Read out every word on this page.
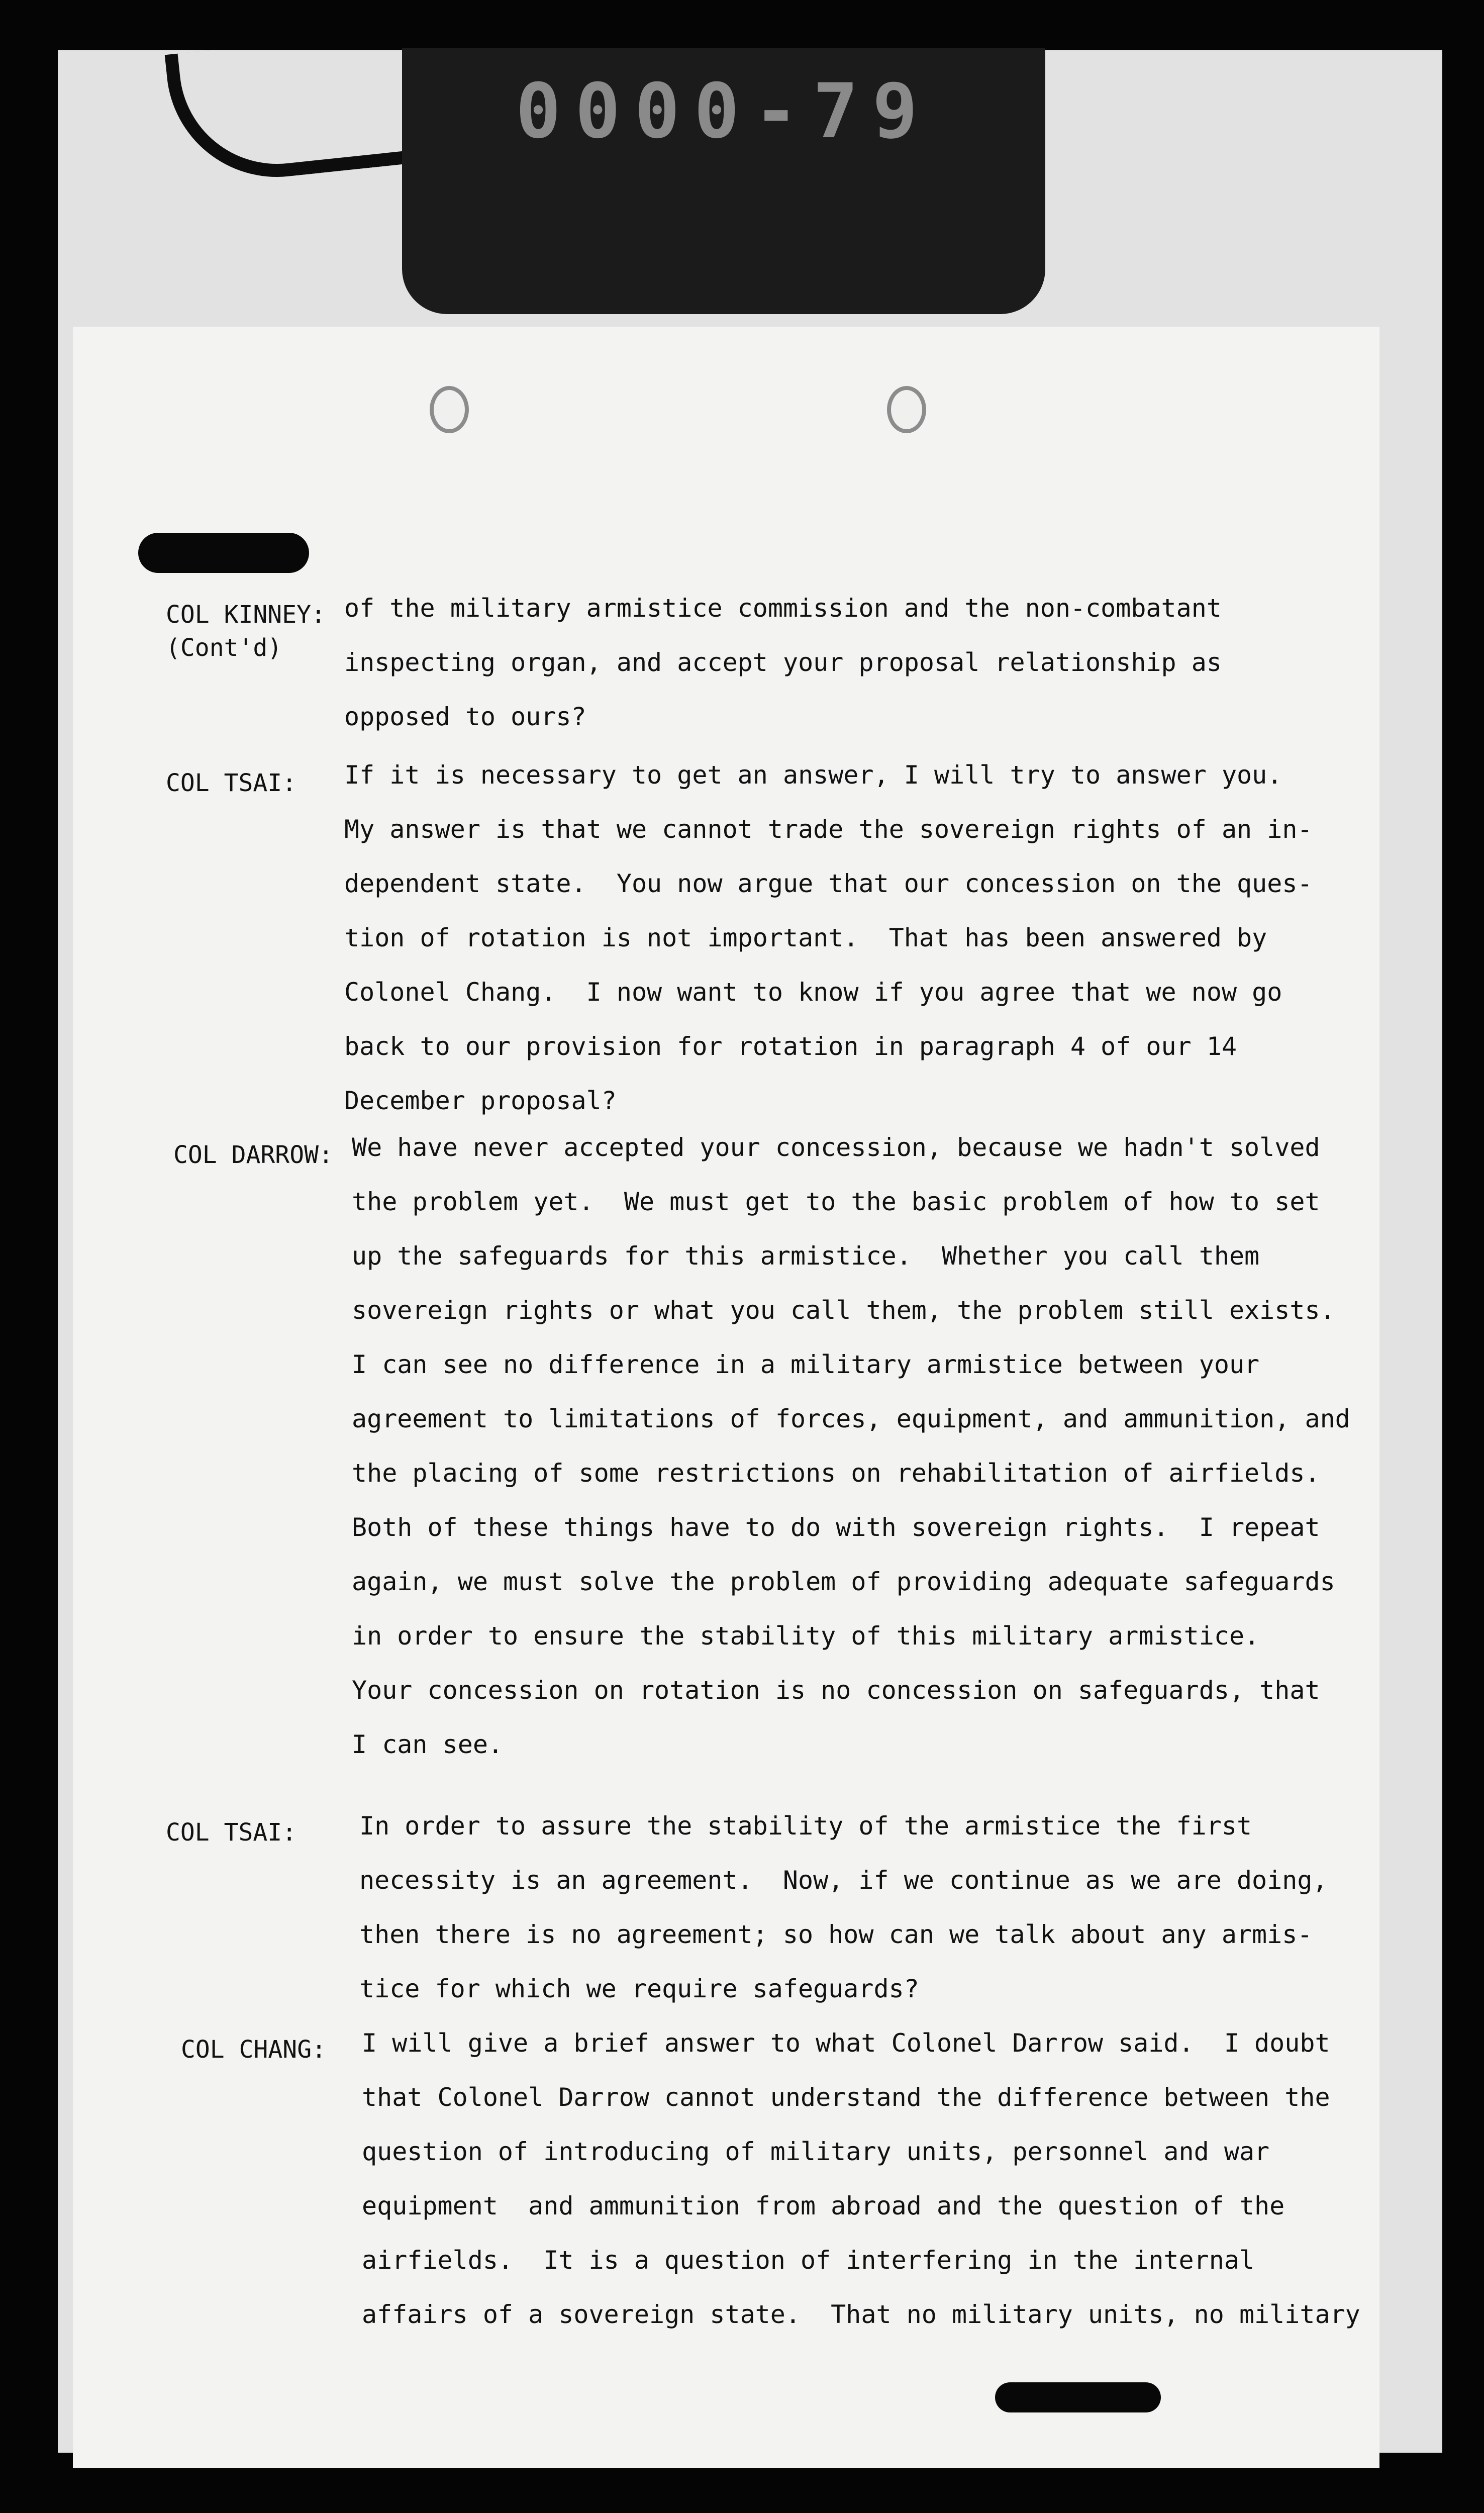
0000-79
COL KINNEY:
(Cont'd)
of the military armistice commission and the non-combatant
inspecting organ, and accept your proposal relationship as
opposed to ours?
COL TSAI: If it is necessary to get an answer, I will try to answer you.
My answer is that we cannot trade the sovereign rights of an in-
dependent state.  You now argue that our concession on the ques-
tion of rotation is not important.  That has been answered by
Colonel Chang.  I now want to know if you agree that we now go
back to our provision for rotation in paragraph 4 of our 14
December proposal?
COL DARROW: We have never accepted your concession, because we hadn't solved
the problem yet.  We must get to the basic problem of how to set
up the safeguards for this armistice.  Whether you call them
sovereign rights or what you call them, the problem still exists.
I can see no difference in a military armistice between your
agreement to limitations of forces, equipment, and ammunition, and
the placing of some restrictions on rehabilitation of airfields.
Both of these things have to do with sovereign rights.  I repeat
again, we must solve the problem of providing adequate safeguards
in order to ensure the stability of this military armistice.
Your concession on rotation is no concession on safeguards, that
I can see.
COL TSAI: In order to assure the stability of the armistice the first
necessity is an agreement.  Now, if we continue as we are doing,
then there is no agreement; so how can we talk about any armis-
tice for which we require safeguards?
COL CHANG: I will give a brief answer to what Colonel Darrow said.  I doubt
that Colonel Darrow cannot understand the difference between the
question of introducing of military units, personnel and war
equipment  and ammunition from abroad and the question of the
airfields.  It is a question of interfering in the internal
affairs of a sovereign state.  That no military units, no military
